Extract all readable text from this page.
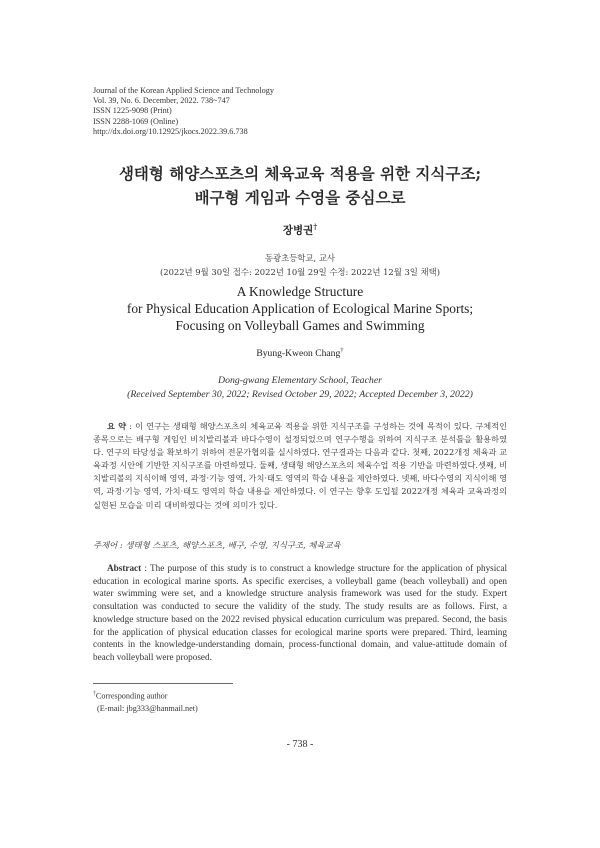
Journal of the Korean Applied Science and Technology
Vol. 39, No. 6. December, 2022. 738~747
ISSN 1225-9098 (Print)
ISSN 2288-1069 (Online)
http://dx.doi.org/10.12925/jkocs.2022.39.6.738
생태형 해양스포츠의 체육교육 적용을 위한 지식구조;
배구형 게임과 수영을 중심으로
장병권†
동광초등학교, 교사
(2022년 9월 30일 접수: 2022년 10월 29일 수정: 2022년 12월 3일 채택)
A Knowledge Structure
for Physical Education Application of Ecological Marine Sports;
Focusing on Volleyball Games and Swimming
Byung-Kweon Chang†
Dong-gwang Elementary School, Teacher
(Received September 30, 2022; Revised October 29, 2022; Accepted December 3, 2022)
요 약 : 이 연구는 생태형 해양스포츠의 체육교육 적용을 위한 지식구조를 구성하는 것에 목적이 있다. 구체적인 종목으로는 배구형 게임인 비치발리볼과 바다수영이 설정되었으며 연구수행을 위하여 지식구조 분석틀을 활용하였다. 연구의 타당성을 확보하기 위하여 전문가협의를 실시하였다. 연구결과는 다음과 같다. 첫째, 2022개정 체육과 교육과정 시안에 기반한 지식구조를 마련하였다. 둘째, 생태형 해양스포츠의 체육수업 적용 기반을 마련하였다.셋째, 비치발리볼의 지식이해 영역, 과정·기능 영역, 가치·태도 영역의 학습 내용을 제안하였다. 넷째, 바다수영의 지식이해 영역, 과정·기능 영역, 가치·태도 영역의 학습 내용을 제안하였다. 이 연구는 향후 도입될 2022개정 체육과 교육과정의 실현된 모습을 미리 대비하였다는 것에 의미가 있다.
주제어 : 생태형 스포츠, 해양스포츠, 배구, 수영, 지식구조, 체육교육
Abstract : The purpose of this study is to construct a knowledge structure for the application of physical education in ecological marine sports. As specific exercises, a volleyball game (beach volleyball) and open water swimming were set, and a knowledge structure analysis framework was used for the study. Expert consultation was conducted to secure the validity of the study. The study results are as follows. First, a knowledge structure based on the 2022 revised physical education curriculum was prepared. Second, the basis for the application of physical education classes for ecological marine sports were prepared. Third, learning contents in the knowledge-understanding domain, process-functional domain, and value-attitude domain of beach volleyball were proposed.
†Corresponding author
(E-mail: jbg333@hanmail.net)
- 738 -
